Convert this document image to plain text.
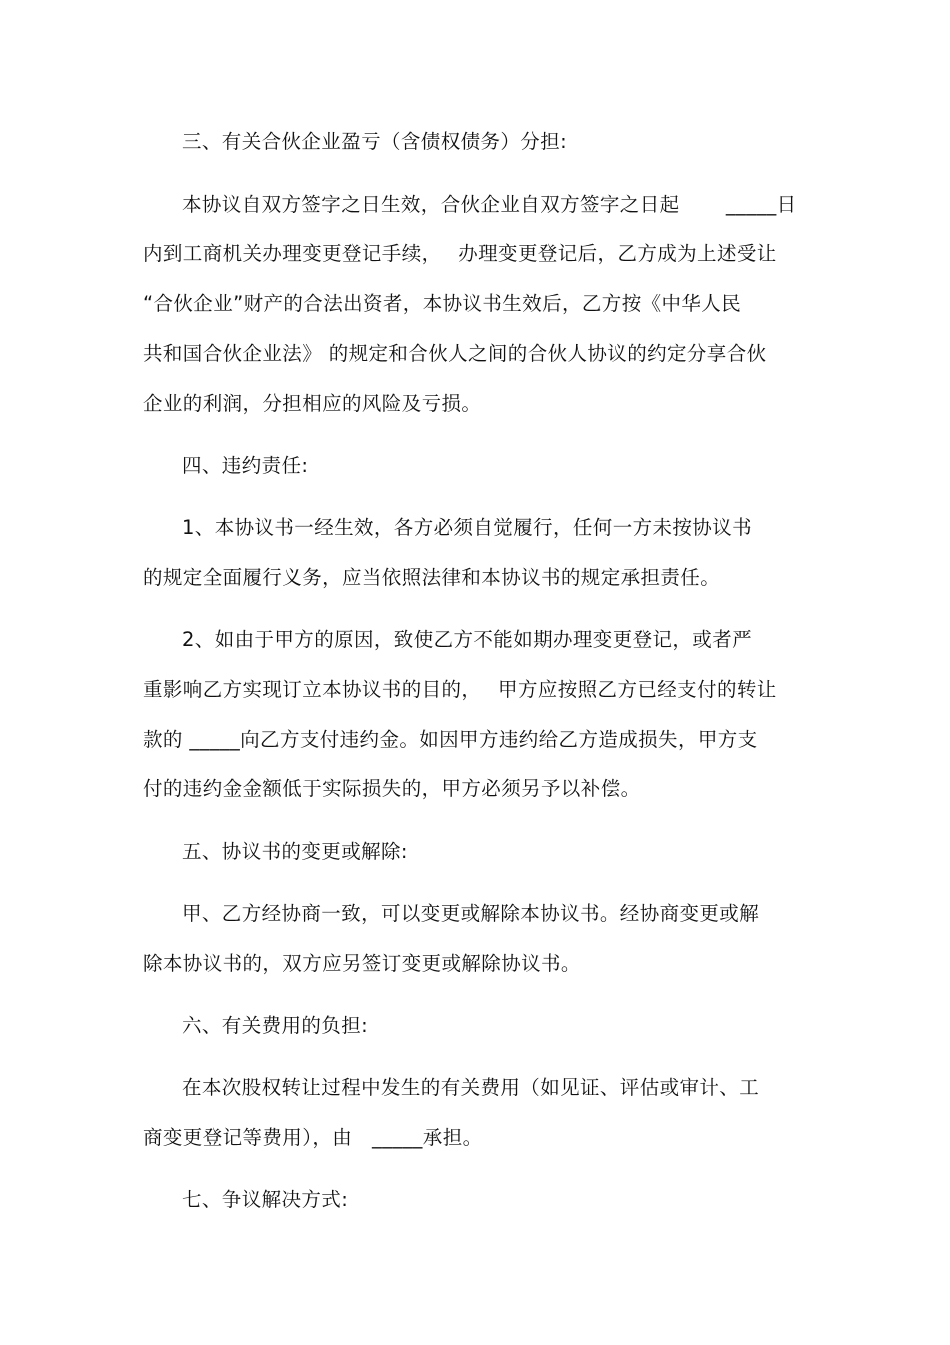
三、有关合伙企业盈亏（含债权债务）分担:
本协议自双方签字之日生效，合伙企业自双方签字之日起　　 _____日
内到工商机关办理变更登记手续，　 办理变更登记后，乙方成为上述受让
“合伙企业”财产的合法出资者，本协议书生效后，乙方按《中华人民
共和国合伙企业法》 的规定和合伙人之间的合伙人协议的约定分享合伙
企业的利润，分担相应的风险及亏损。
四、违约责任:
1、本协议书一经生效，各方必须自觉履行，任何一方未按协议书
的规定全面履行义务，应当依照法律和本协议书的规定承担责任。
2、如由于甲方的原因，致使乙方不能如期办理变更登记，或者严
重影响乙方实现订立本协议书的目的，　 甲方应按照乙方已经支付的转让
款的 _____向乙方支付违约金。如因甲方违约给乙方造成损失，甲方支
付的违约金金额低于实际损失的，甲方必须另予以补偿。
五、协议书的变更或解除:
甲、乙方经协商一致，可以变更或解除本协议书。经协商变更或解
除本协议书的，双方应另签订变更或解除协议书。
六、有关费用的负担:
在本次股权转让过程中发生的有关费用（如见证、评估或审计、工
商变更登记等费用），由　_____承担。
七、争议解决方式:
